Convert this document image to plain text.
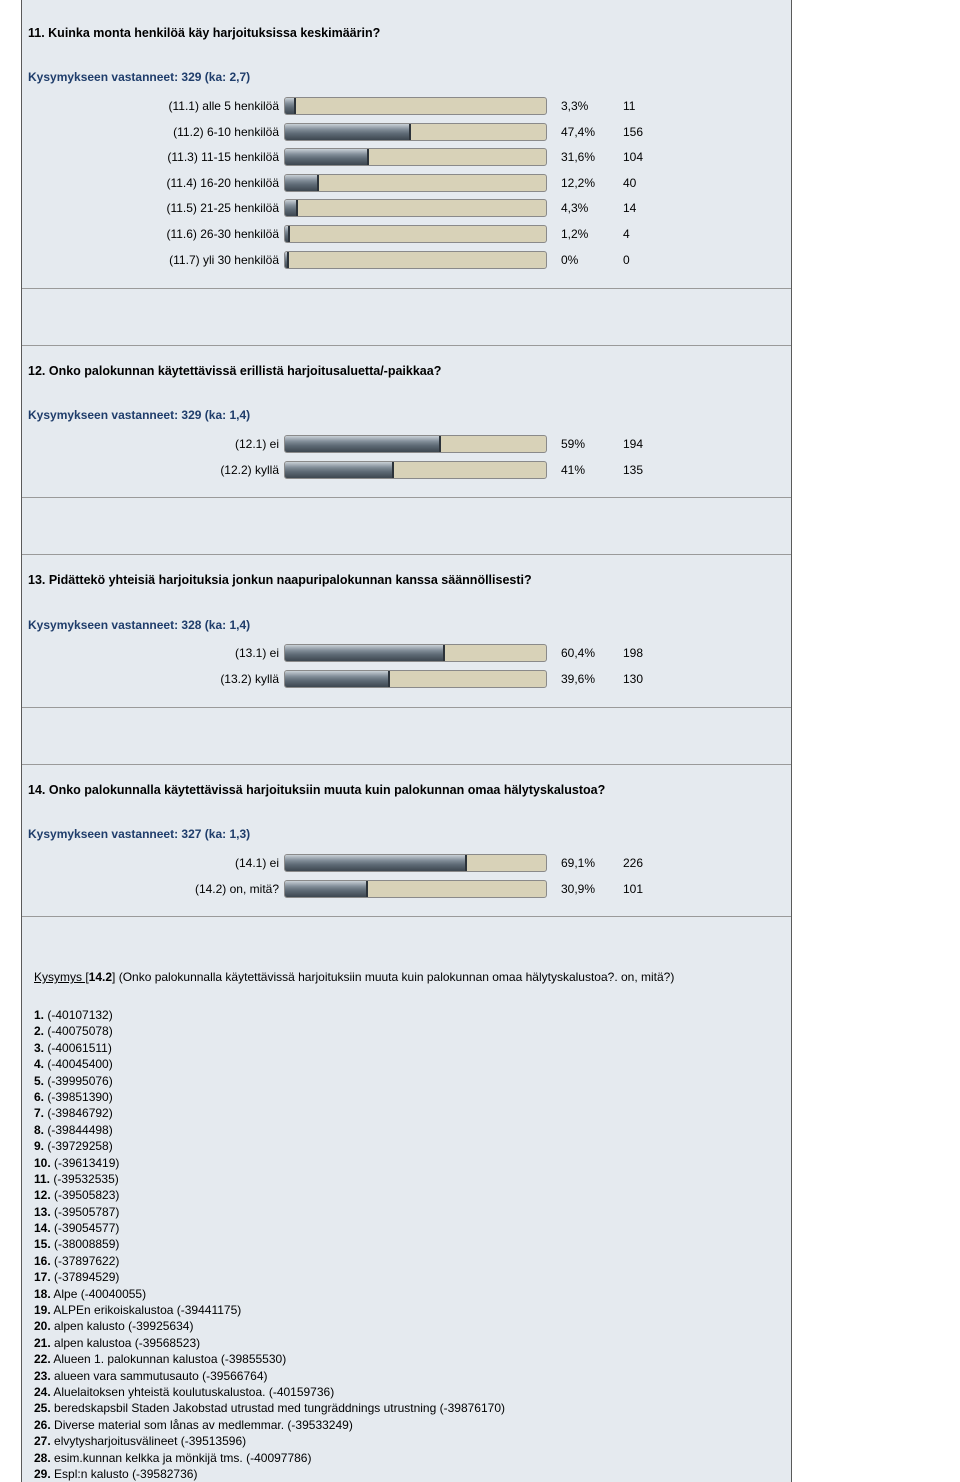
11. Kuinka monta henkilöä käy harjoituksissa keskimäärin?
Kysymykseen vastanneet: 329 (ka: 2,7)
(11.1) alle 5 henkilöä	3,3%	11
(11.2) 6-10 henkilöä	47,4% 156
(11.3) 11-15 henkilöä	31,6% 104
(11.4) 16-20 henkilöä	12,2% 40
(11.5) 21-25 henkilöä	4,3%	14
(11.6) 26-30 henkilöä	1,2%	4
(11.7) yli 30 henkilöä	0%	0
12. Onko palokunnan käytettävissä erillistä harjoitusaluetta/-paikkaa?
Kysymykseen vastanneet: 329 (ka: 1,4)
(12.1) ei	59%	194
(12.2) kyllä	41%	135
13. Pidättekö yhteisiä harjoituksia jonkun naapuripalokunnan kanssa säännöllisesti?
Kysymykseen vastanneet: 328 (ka: 1,4)
(13.1) ei	60,4% 198
(13.2) kyllä	39,6% 130
14. Onko palokunnalla käytettävissä harjoituksiin muuta kuin palokunnan omaa hälytyskalustoa?
Kysymykseen vastanneet: 327 (ka: 1,3)
(14.1) ei	69,1% 226
(14.2) on, mitä?	30,9% 101
Kysymys [14.2] (Onko palokunnalla käytettävissä harjoituksiin muuta kuin palokunnan omaa hälytyskalustoa?. on, mitä?)
1. (-40107132)
2. (-40075078)
3. (-40061511)
4. (-40045400)
5. (-39995076)
6. (-39851390)
7. (-39846792)
8. (-39844498)
9. (-39729258)
10. (-39613419)
11. (-39532535)
12. (-39505823)
13. (-39505787)
14. (-39054577)
15. (-38008859)
16. (-37897622)
17. (-37894529)
18. Alpe (-40040055)
19. ALPEn erikoiskalustoa (-39441175)
20. alpen kalusto (-39925634)
21. alpen kalustoa (-39568523)
22. Alueen 1. palokunnan kalustoa (-39855530)
23. alueen vara sammutusauto (-39566764)
24. Aluelaitoksen yhteistä koulutuskalustoa. (-40159736)
25. beredskapsbil Staden Jakobstad utrustad med tungräddnings utrustning (-39876170)
26. Diverse material som lånas av medlemmar. (-39533249)
27. elvytysharjoitusvälineet (-39513596)
28. esim.kunnan kelkka ja mönkijä tms. (-40097786)
29. Espl:n kalusto (-39582736)
